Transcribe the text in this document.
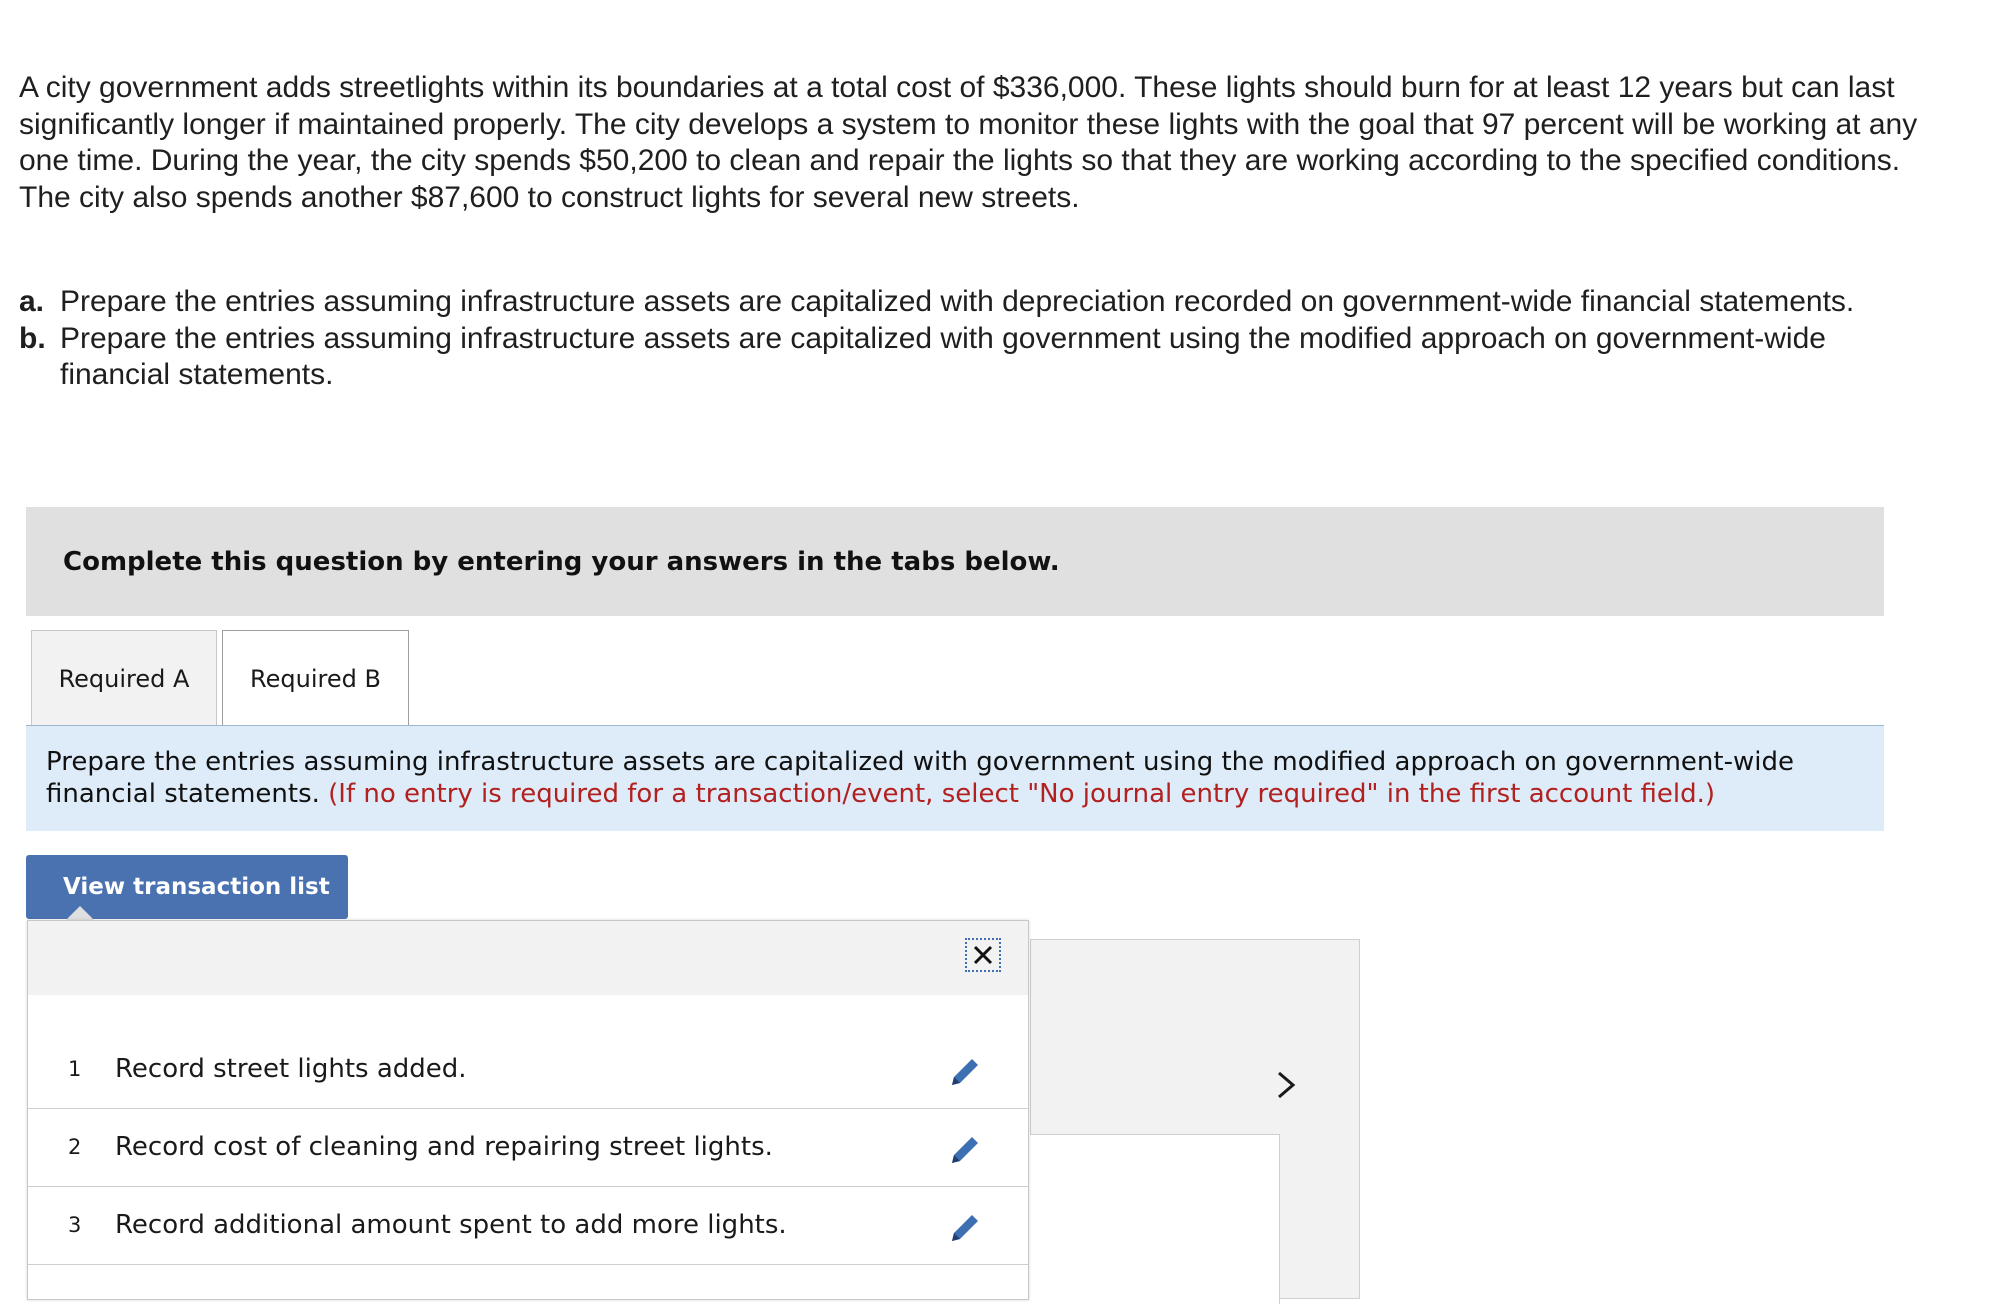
A city government adds streetlights within its boundaries at a total cost of $336,000. These lights should burn for at least 12 years but can last significantly longer if maintained properly. The city develops a system to monitor these lights with the goal that 97 percent will be working at any one time. During the year, the city spends $50,200 to clean and repair the lights so that they are working according to the specified conditions. The city also spends another $87,600 to construct lights for several new streets.

a. Prepare the entries assuming infrastructure assets are capitalized with depreciation recorded on government-wide financial statements.
b. Prepare the entries assuming infrastructure assets are capitalized with government using the modified approach on government-wide financial statements.
Complete this question by entering your answers in the tabs below.
Required A	Required B
Prepare the entries assuming infrastructure assets are capitalized with government using the modified approach on government-wide financial statements. (If no entry is required for a transaction/event, select "No journal entry required" in the first account field.)
View transaction list
1 Record street lights added.
2 Record cost of cleaning and repairing street lights.
3 Record additional amount spent to add more lights.
